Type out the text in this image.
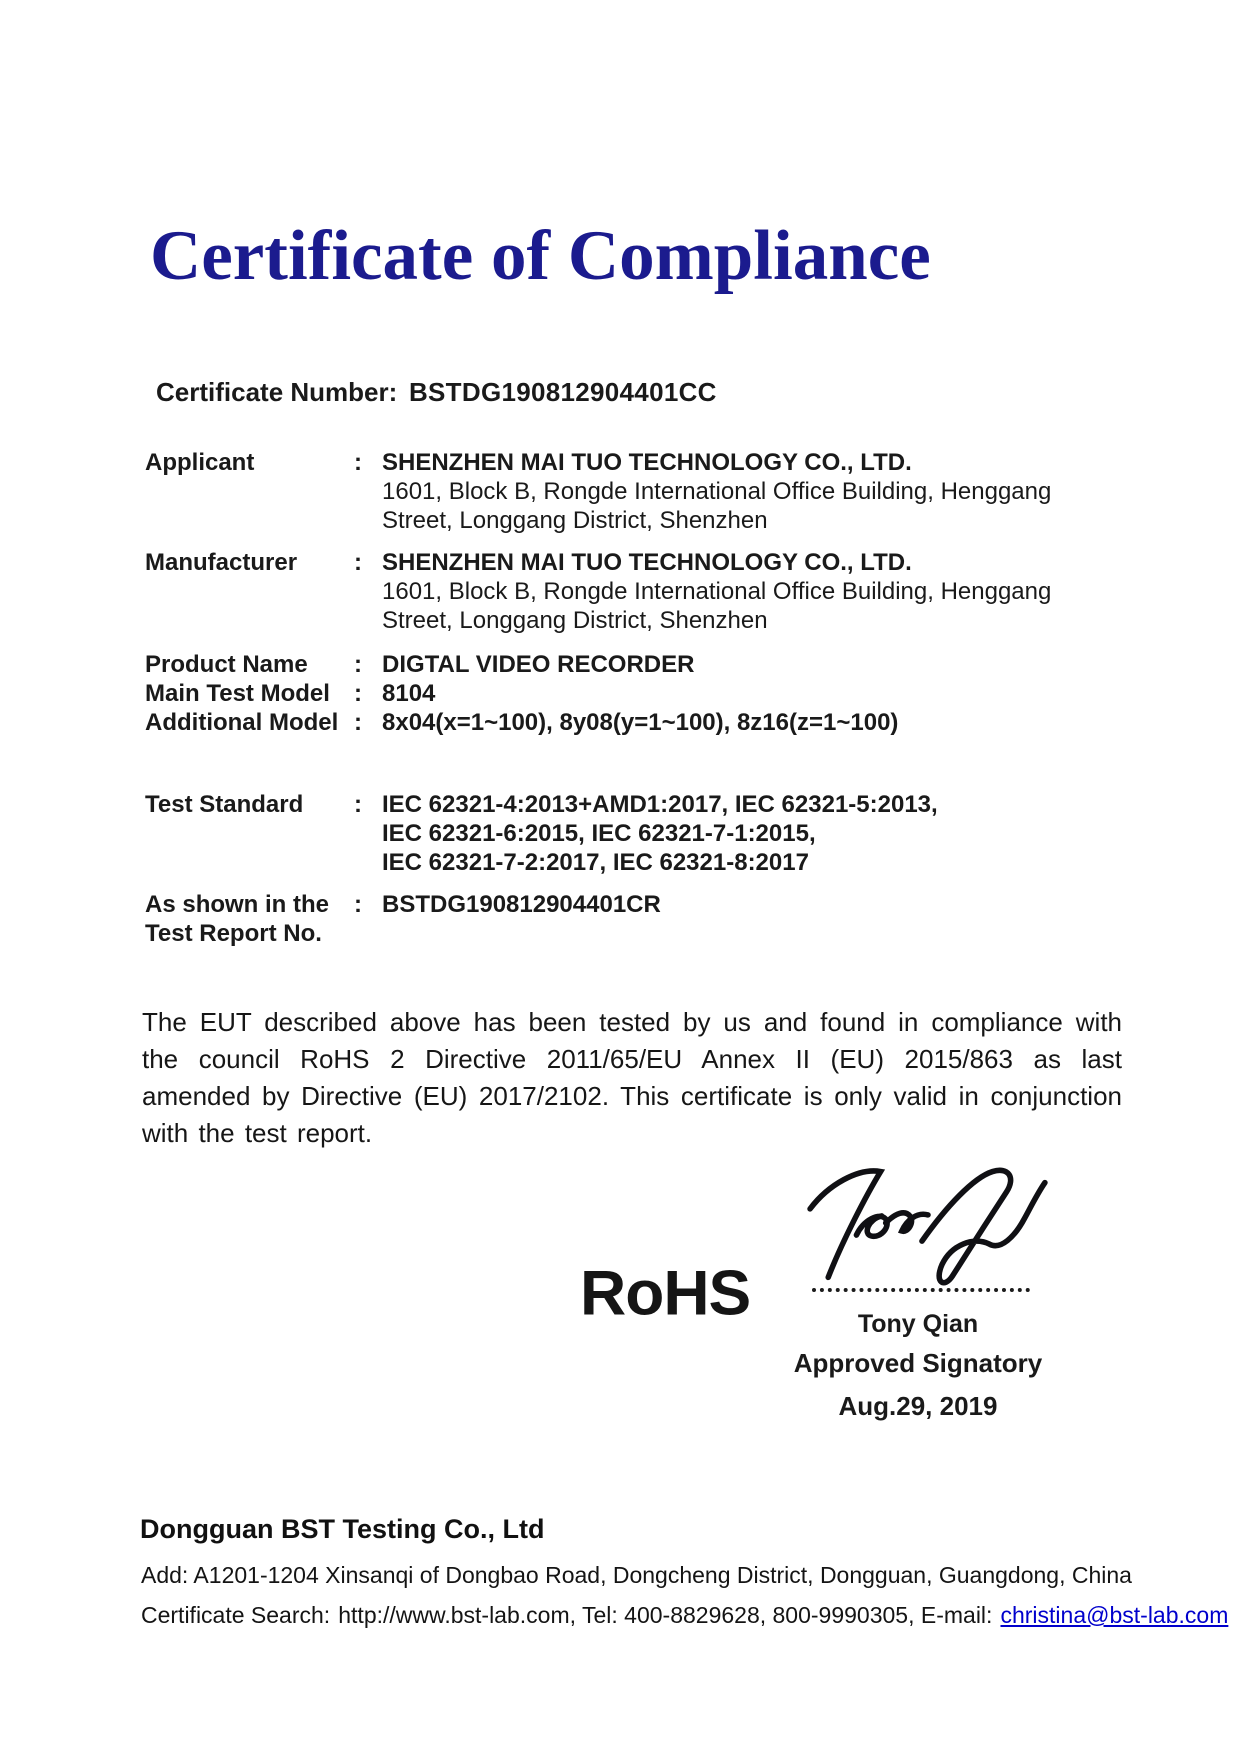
Certificate of Compliance
Certificate Number: BSTDG190812904401CC
Applicant	: SHENZHEN MAI TUO TECHNOLOGY CO., LTD.
1601, Block B, Rongde International Office Building, Henggang
Street, Longgang District, Shenzhen
Manufacturer	: SHENZHEN MAI TUO TECHNOLOGY CO., LTD.
1601, Block B, Rongde International Office Building, Henggang
Street, Longgang District, Shenzhen
Product Name	: DIGTAL VIDEO RECORDER
Main Test Model	: 8104
Additional Model : 8x04(x=1~100), 8y08(y=1~100), 8z16(z=1~100)
Test Standard	: IEC 62321-4:2013+AMD1:2017, IEC 62321-5:2013,
IEC 62321-6:2015, IEC 62321-7-1:2015,
IEC 62321-7-2:2017, IEC 62321-8:2017
As shown in the
Test Report No.
: BSTDG190812904401CR

The EUT described above has been tested by us and found in compliance with the council RoHS 2 Directive 2011/65/EU Annex II (EU) 2015/863 as last amended by Directive (EU) 2017/2102. This certificate is only valid in conjunction with the test report.

RoHS	Tony Qian
Approved Signatory
Aug.29, 2019
Dongguan BST Testing Co., Ltd
Add: A1201-1204 Xinsanqi of Dongbao Road, Dongcheng District, Dongguan, Guangdong, China
Certificate Search: http://www.bst-lab.com, Tel: 400-8829628, 800-9990305, E-mail: christina@bst-lab.com
